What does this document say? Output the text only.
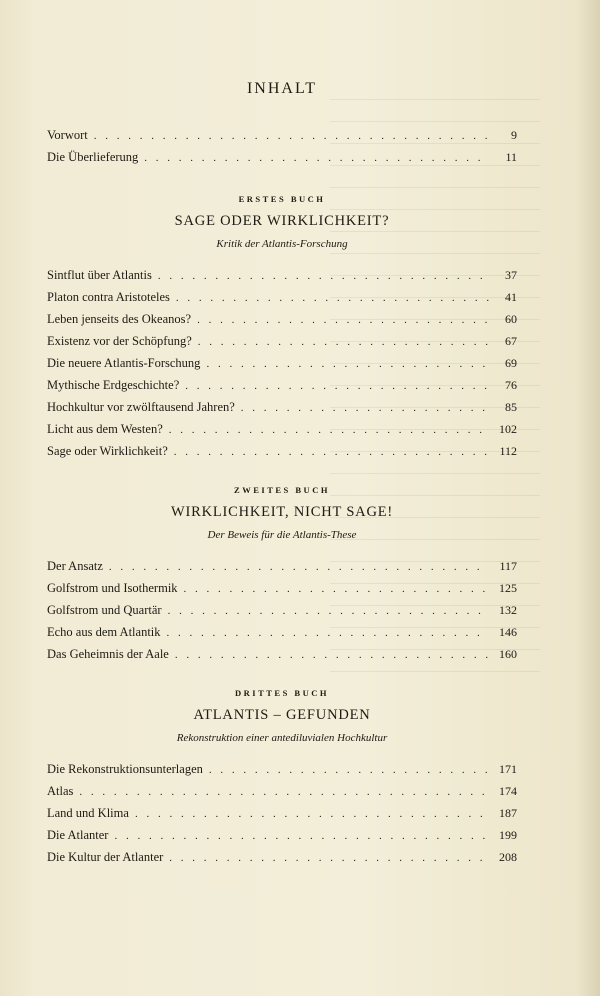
INHALT
Vorwort . . .	9
Die Überlieferung . . .	11

ERSTES BUCH

SAGE ODER WIRKLICHKEIT?

Kritik der Atlantis-Forschung

Sintflut über Atlantis . . .	37
Platon contra Aristoteles . . .	41
Leben jenseits des Okeanos? . . .	60
Existenz vor der Schöpfung? . . .	67
Die neuere Atlantis-Forschung . . .	69
Mythische Erdgeschichte? . . .	76
Hochkultur vor zwölftausend Jahren? . . .	85
Licht aus dem Westen? . . .	102
Sage oder Wirklichkeit? . . .	112

ZWEITES BUCH

WIRKLICHKEIT, NICHT SAGE!

Der Beweis für die Atlantis-These

Der Ansatz . . .	117
Golfstrom und Isothermik . . .	125
Golfstrom und Quartär . . .	132
Echo aus dem Atlantik . . .	146
Das Geheimnis der Aale . . .	160

DRITTES BUCH

ATLANTIS – GEFUNDEN

Rekonstruktion einer antediluvialen Hochkultur

Die Rekonstruktionsunterlagen . . .	171
Atlas . . .	174
Land und Klima . . .	187
Die Atlanter . . .	199
Die Kultur der Atlanter . . .	208
